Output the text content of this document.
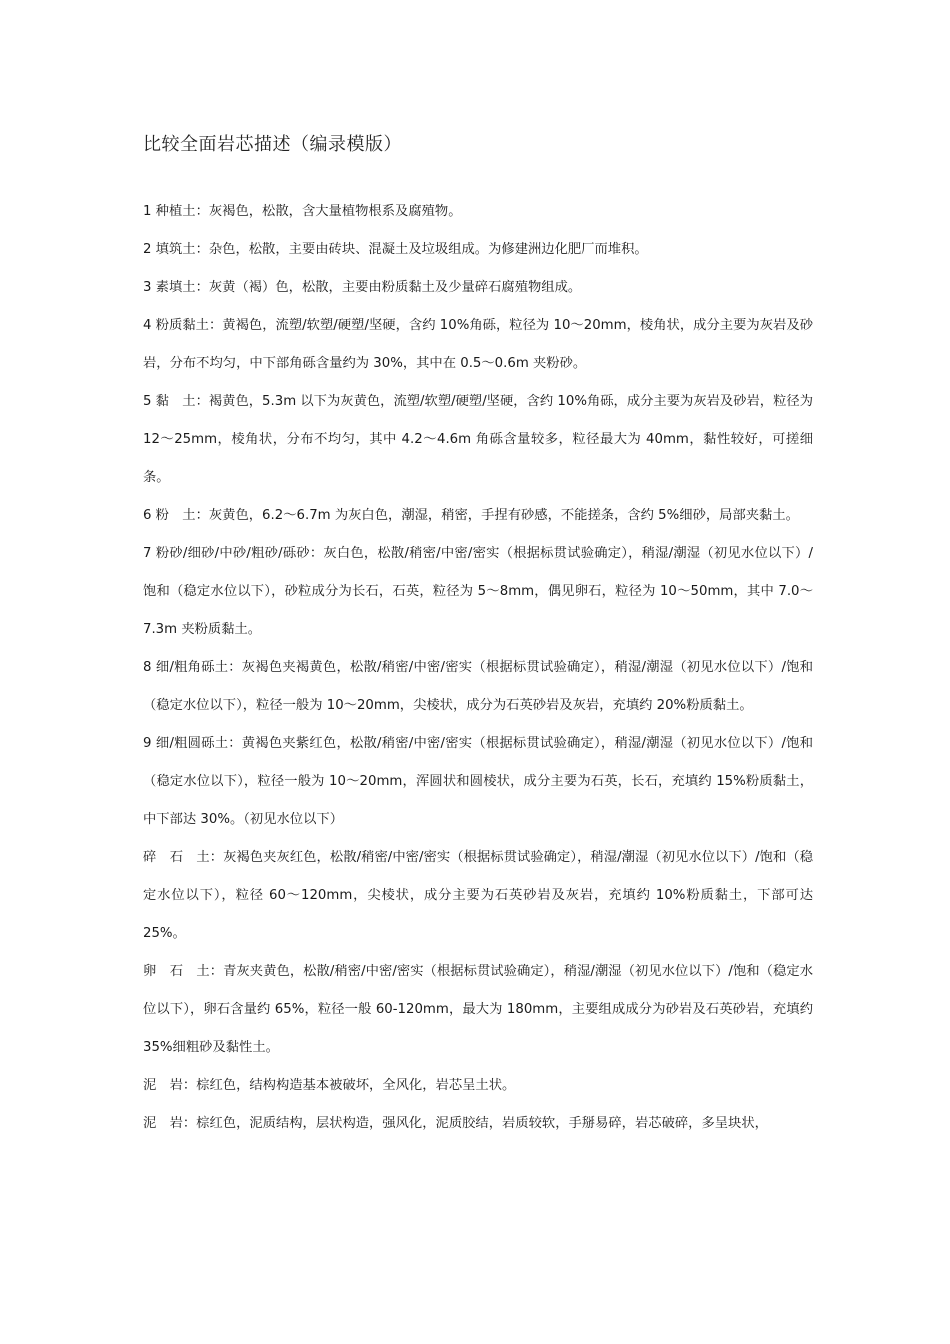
比较全面岩芯描述（编录模版）

1 种植土：灰褐色，松散，含大量植物根系及腐殖物。

2 填筑土：杂色，松散，主要由砖块、混凝土及垃圾组成。为修建洲边化肥厂而堆积。

3 素填土：灰黄（褐）色，松散，主要由粉质黏土及少量碎石腐殖物组成。

4 粉质黏土：黄褐色，流塑/软塑/硬塑/坚硬，含约 10%角砾，粒径为 10～20mm，棱角状，成分主要为灰岩及砂岩，分布不均匀，中下部角砾含量约为 30%，其中在 0.5～0.6m 夹粉砂。

5 黏　土：褐黄色，5.3m 以下为灰黄色，流塑/软塑/硬塑/坚硬，含约 10%角砾，成分主要为灰岩及砂岩，粒径为 12～25mm，棱角状，分布不均匀，其中 4.2～4.6m 角砾含量较多，粒径最大为 40mm，黏性较好，可搓细条。

6 粉　土：灰黄色，6.2～6.7m 为灰白色，潮湿，稍密，手捏有砂感，不能搓条，含约 5%细砂，局部夹黏土。

7 粉砂/细砂/中砂/粗砂/砾砂：灰白色，松散/稍密/中密/密实（根据标贯试验确定），稍湿/潮湿（初见水位以下）/饱和（稳定水位以下），砂粒成分为长石，石英，粒径为 5～8mm，偶见卵石，粒径为 10～50mm，其中 7.0～7.3m 夹粉质黏土。

8 细/粗角砾土：灰褐色夹褐黄色，松散/稍密/中密/密实（根据标贯试验确定），稍湿/潮湿（初见水位以下）/饱和（稳定水位以下），粒径一般为 10～20mm，尖棱状，成分为石英砂岩及灰岩，充填约 20%粉质黏土。

9 细/粗圆砾土：黄褐色夹紫红色，松散/稍密/中密/密实（根据标贯试验确定），稍湿/潮湿（初见水位以下）/饱和（稳定水位以下），粒径一般为 10～20mm，浑圆状和圆棱状，成分主要为石英，长石，充填约 15%粉质黏土，中下部达 30%。（初见水位以下）

碎　石　土：灰褐色夹灰红色，松散/稍密/中密/密实（根据标贯试验确定），稍湿/潮湿（初见水位以下）/饱和（稳定水位以下），粒径 60～120mm，尖棱状，成分主要为石英砂岩及灰岩，充填约 10%粉质黏土，下部可达 25%。

卵　石　土：青灰夹黄色，松散/稍密/中密/密实（根据标贯试验确定），稍湿/潮湿（初见水位以下）/饱和（稳定水位以下），卵石含量约 65%，粒径一般 60-120mm，最大为 180mm，主要组成成分为砂岩及石英砂岩，充填约 35%细粗砂及黏性土。

泥　岩：棕红色，结构构造基本被破坏，全风化，岩芯呈土状。

泥　岩：棕红色，泥质结构，层状构造，强风化，泥质胶结，岩质较软，手掰易碎，岩芯破碎，多呈块状，
